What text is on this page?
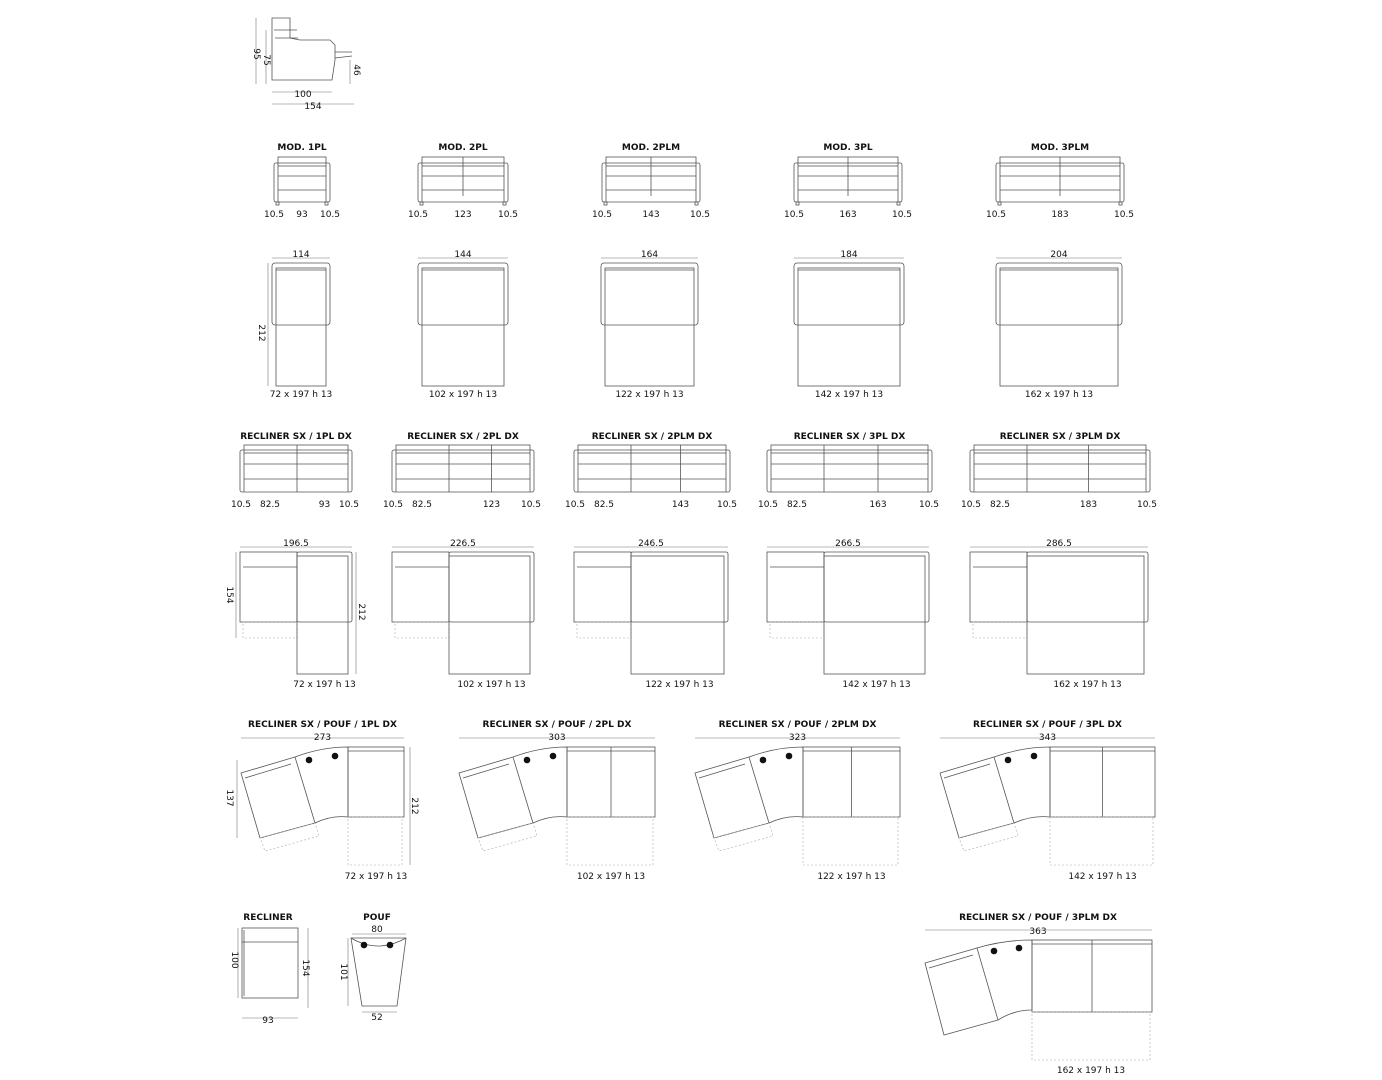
95
75
46
100
154
MOD. 1PL
10.5 93 10.5
MOD. 2PL
10.5	123	10.5
MOD. 2PLM
10.5	143	10.5
MOD. 3PL
10.5	163	10.5
MOD. 3PLM
10.5	183	10.5
114
72 x 197 h 13
144
102 x 197 h 13
164
122 x 197 h 13
184
142 x 197 h 13
204
162 x 197 h 13
212
RECLINER SX / 1PL DX
10.5 82.5	93 10.5
RECLINER SX / 2PL DX
10.5 82.5	123 10.5
RECLINER SX / 2PLM DX
10.5 82.5	143	10.5
RECLINER SX / 3PL DX
10.5 82.5	163	10.5
RECLINER SX / 3PLM DX
10.5 82.5	183	10.5
196.5
72 x 197 h 13
226.5
102 x 197 h 13
246.5
122 x 197 h 13
266.5
142 x 197 h 13
286.5
162 x 197 h 13
154
212
RECLINER SX / POUF / 1PL DX
273
72 x 197 h 13
RECLINER SX / POUF / 2PL DX
303
102 x 197 h 13
RECLINER SX / POUF / 2PLM DX
323
122 x 197 h 13
RECLINER SX / POUF / 3PL DX
343
142 x 197 h 13
137	212
RECLINER
100	154
93
POUF
80
101
52
RECLINER SX / POUF / 3PLM DX
363
162 x 197 h 13
